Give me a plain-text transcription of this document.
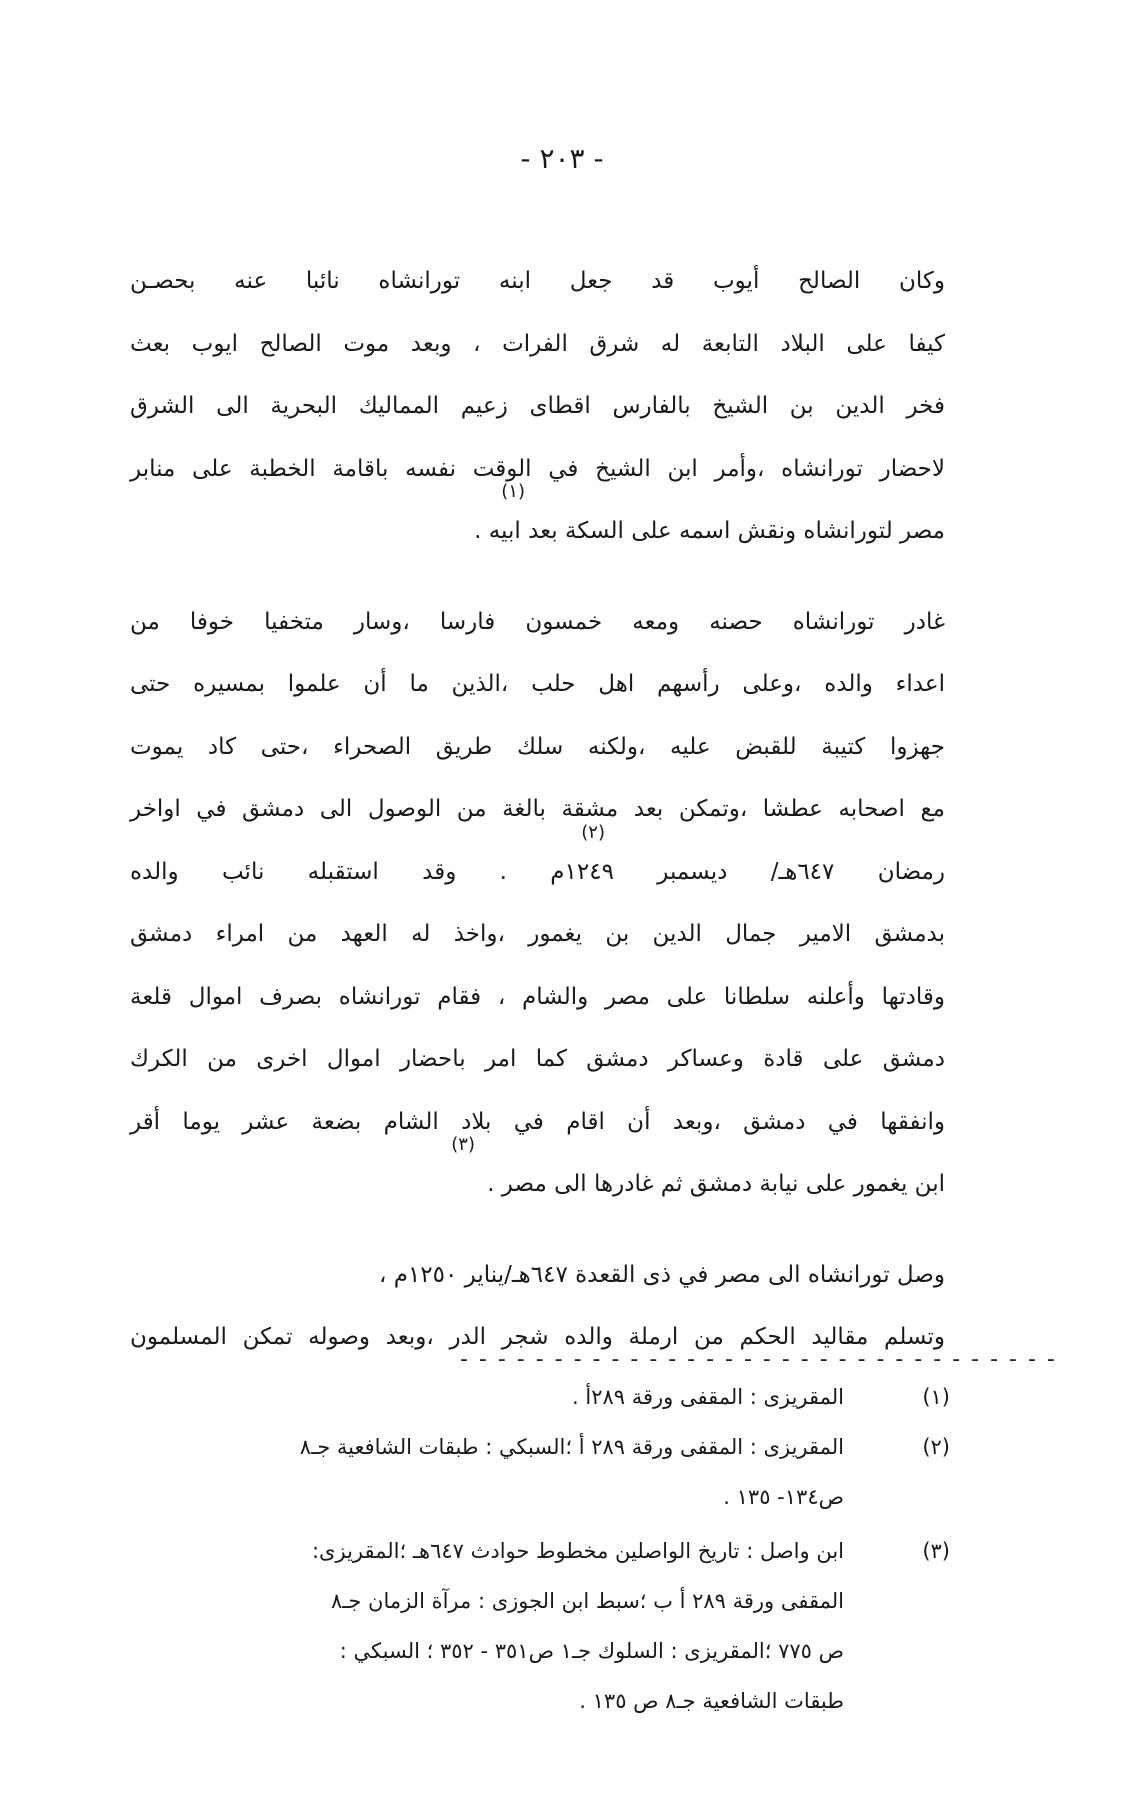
- ٢٠٣ -
وكان الصالح أيوب قد جعل ابنه تورانشاه نائبا عنه بحصـن
كيفا على البلاد التابعة له شرق الفرات ، وبعد موت الصالح ايوب بعث
فخر الدين بن الشيخ بالفارس اقطاى زعيم المماليك البحرية الى الشرق
لاحضار تورانشاه ،وأمر ابن الشيخ في الوقت نفسه باقامة الخطبة على منابر
مصر لتورانشاه ونقش اسمه على السكة بعد ابيه .
(١)
غادر تورانشاه حصنه ومعه خمسون فارسا ،وسار متخفيا خوفا من
اعداء والده ،وعلى رأسهم اهل حلب ،الذين ما أن علموا بمسيره حتى
جهزوا كتيبة للقبض عليه ،ولكنه سلك طريق الصحراء ،حتى كاد يموت
مع اصحابه عطشا ،وتمكن بعد مشقة بالغة من الوصول الى دمشق في اواخر
رمضان ٦٤٧هـ/ ديسمبر ١٢٤٩م . وقد استقبله نائب والده
(٢)
بدمشق الامير جمال الدين بن يغمور ،واخذ له العهد من امراء دمشق
وقادتها وأعلنه سلطانا على مصر والشام ، فقام تورانشاه بصرف اموال قلعة
دمشق على قادة وعساكر دمشق كما امر باحضار اموال اخرى من الكرك
وانفقها في دمشق ،وبعد أن اقام في بلاد الشام بضعة عشر يوما أقر
ابن يغمور على نيابة دمشق ثم غادرها الى مصر .
(٣)
وصل تورانشاه الى مصر في ذى القعدة ٦٤٧هـ/يناير ١٢٥٠م ،
وتسلم مقاليد الحكم من ارملة والده شجر الدر ،وبعد وصوله تمكن المسلمون
- - - - - - - - - - - - - - - - - - - - - - - - - - - - - - - -
(١)
المقريزى : المقفى ورقة ٢٨٩أ .
(٢)
المقريزى : المقفى ورقة ٢٨٩ أ ؛السبكي : طبقات الشافعية جـ٨
ص١٣٤- ١٣٥ .
(٣)
ابن واصل : تاريخ الواصلين مخطوط حوادث ٦٤٧هـ ؛المقريزى:
المقفى ورقة ٢٨٩ أ ب ؛سبط ابن الجوزى : مرآة الزمان جـ٨
ص ٧٧٥ ؛المقريزى : السلوك جـ١ ص٣٥١ - ٣٥٢ ؛ السبكي :
طبقات الشافعية جـ٨ ص ١٣٥ .
